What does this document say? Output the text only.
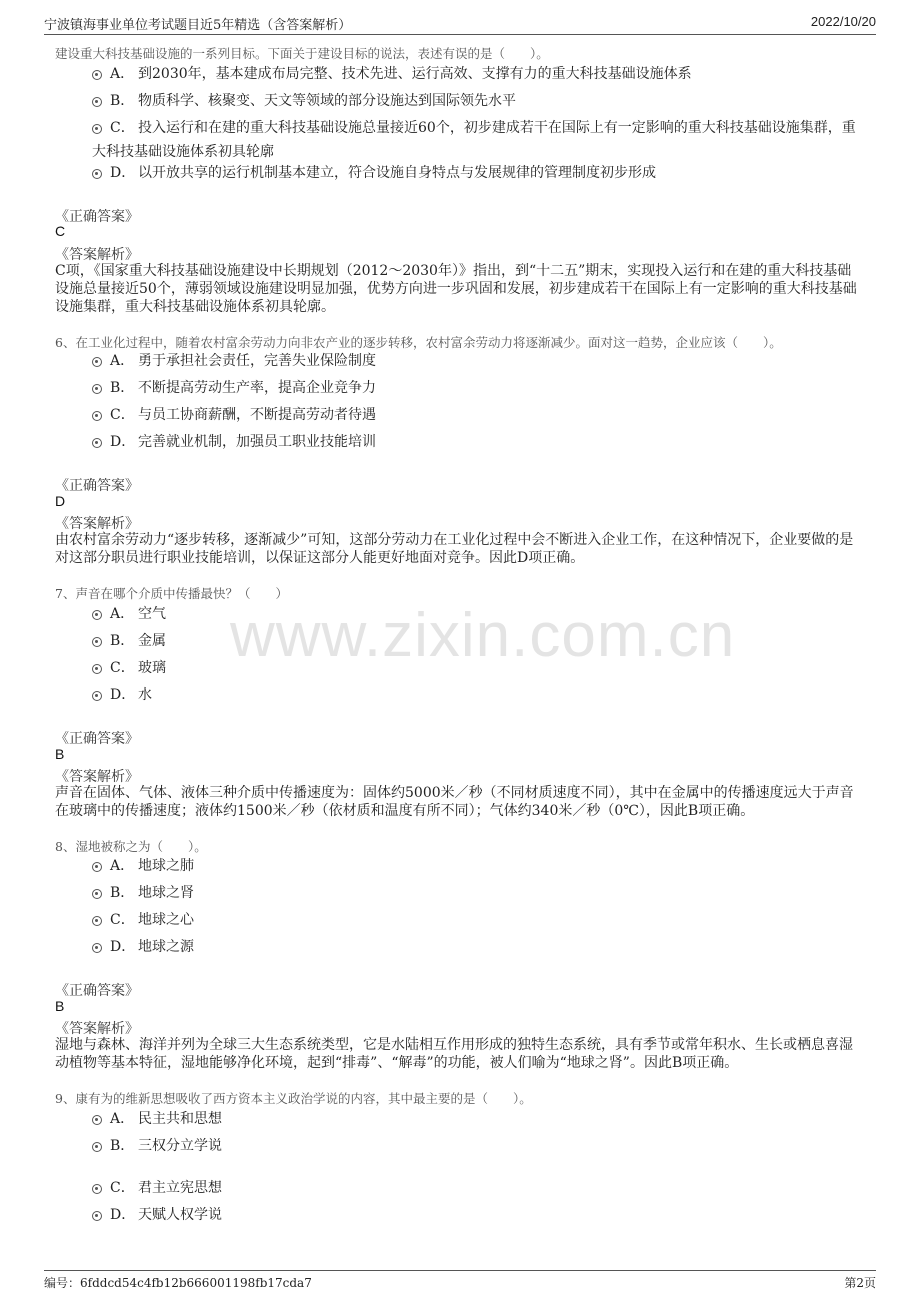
宁波镇海事业单位考试题目近5年精选（含答案解析）	2022/10/20
www.zixin.com.cn
建设重大科技基础设施的一系列目标。下面关于建设目标的说法，表述有误的是（　　）。
A． 到2030年，基本建成布局完整、技术先进、运行高效、支撑有力的重大科技基础设施体系
B． 物质科学、核聚变、天文等领域的部分设施达到国际领先水平
C． 投入运行和在建的重大科技基础设施总量接近60个，初步建成若干在国际上有一定影响的重大科技基础设施集群，重大科技基础设施体系初具轮廓
D． 以开放共享的运行机制基本建立，符合设施自身特点与发展规律的管理制度初步形成
《正确答案》
C
《答案解析》
C项，《国家重大科技基础设施建设中长期规划（2012～2030年）》指出，到“十二五”期末，实现投入运行和在建的重大科技基础设施总量接近50个，薄弱领域设施建设明显加强，优势方向进一步巩固和发展，初步建成若干在国际上有一定影响的重大科技基础设施集群，重大科技基础设施体系初具轮廓。
6、在工业化过程中，随着农村富余劳动力向非农产业的逐步转移，农村富余劳动力将逐渐减少。面对这一趋势，企业应该（　　）。
A． 勇于承担社会责任，完善失业保险制度
B． 不断提高劳动生产率，提高企业竞争力
C． 与员工协商薪酬，不断提高劳动者待遇
D． 完善就业机制，加强员工职业技能培训
《正确答案》
D
《答案解析》
由农村富余劳动力“逐步转移，逐渐减少”可知，这部分劳动力在工业化过程中会不断进入企业工作，在这种情况下，企业要做的是对这部分职员进行职业技能培训，以保证这部分人能更好地面对竞争。因此D项正确。
7、声音在哪个介质中传播最快？（　　）
A． 空气
B． 金属
C． 玻璃
D． 水
《正确答案》
B
《答案解析》
声音在固体、气体、液体三种介质中传播速度为：固体约5000米／秒（不同材质速度不同），其中在金属中的传播速度远大于声音在玻璃中的传播速度；液体约1500米／秒（依材质和温度有所不同）；气体约340米／秒（0℃），因此B项正确。
8、湿地被称之为（　　）。
A． 地球之肺
B． 地球之肾
C． 地球之心
D． 地球之源
《正确答案》
B
《答案解析》
湿地与森林、海洋并列为全球三大生态系统类型，它是水陆相互作用形成的独特生态系统，具有季节或常年积水、生长或栖息喜湿动植物等基本特征，湿地能够净化环境，起到“排毒”、“解毒”的功能，被人们喻为“地球之肾”。因此B项正确。
9、康有为的维新思想吸收了西方资本主义政治学说的内容，其中最主要的是（　　）。
A． 民主共和思想
B． 三权分立学说
C． 君主立宪思想
D． 天赋人权学说
编号：6fddcd54c4fb12b666001198fb17cda7	第2页
